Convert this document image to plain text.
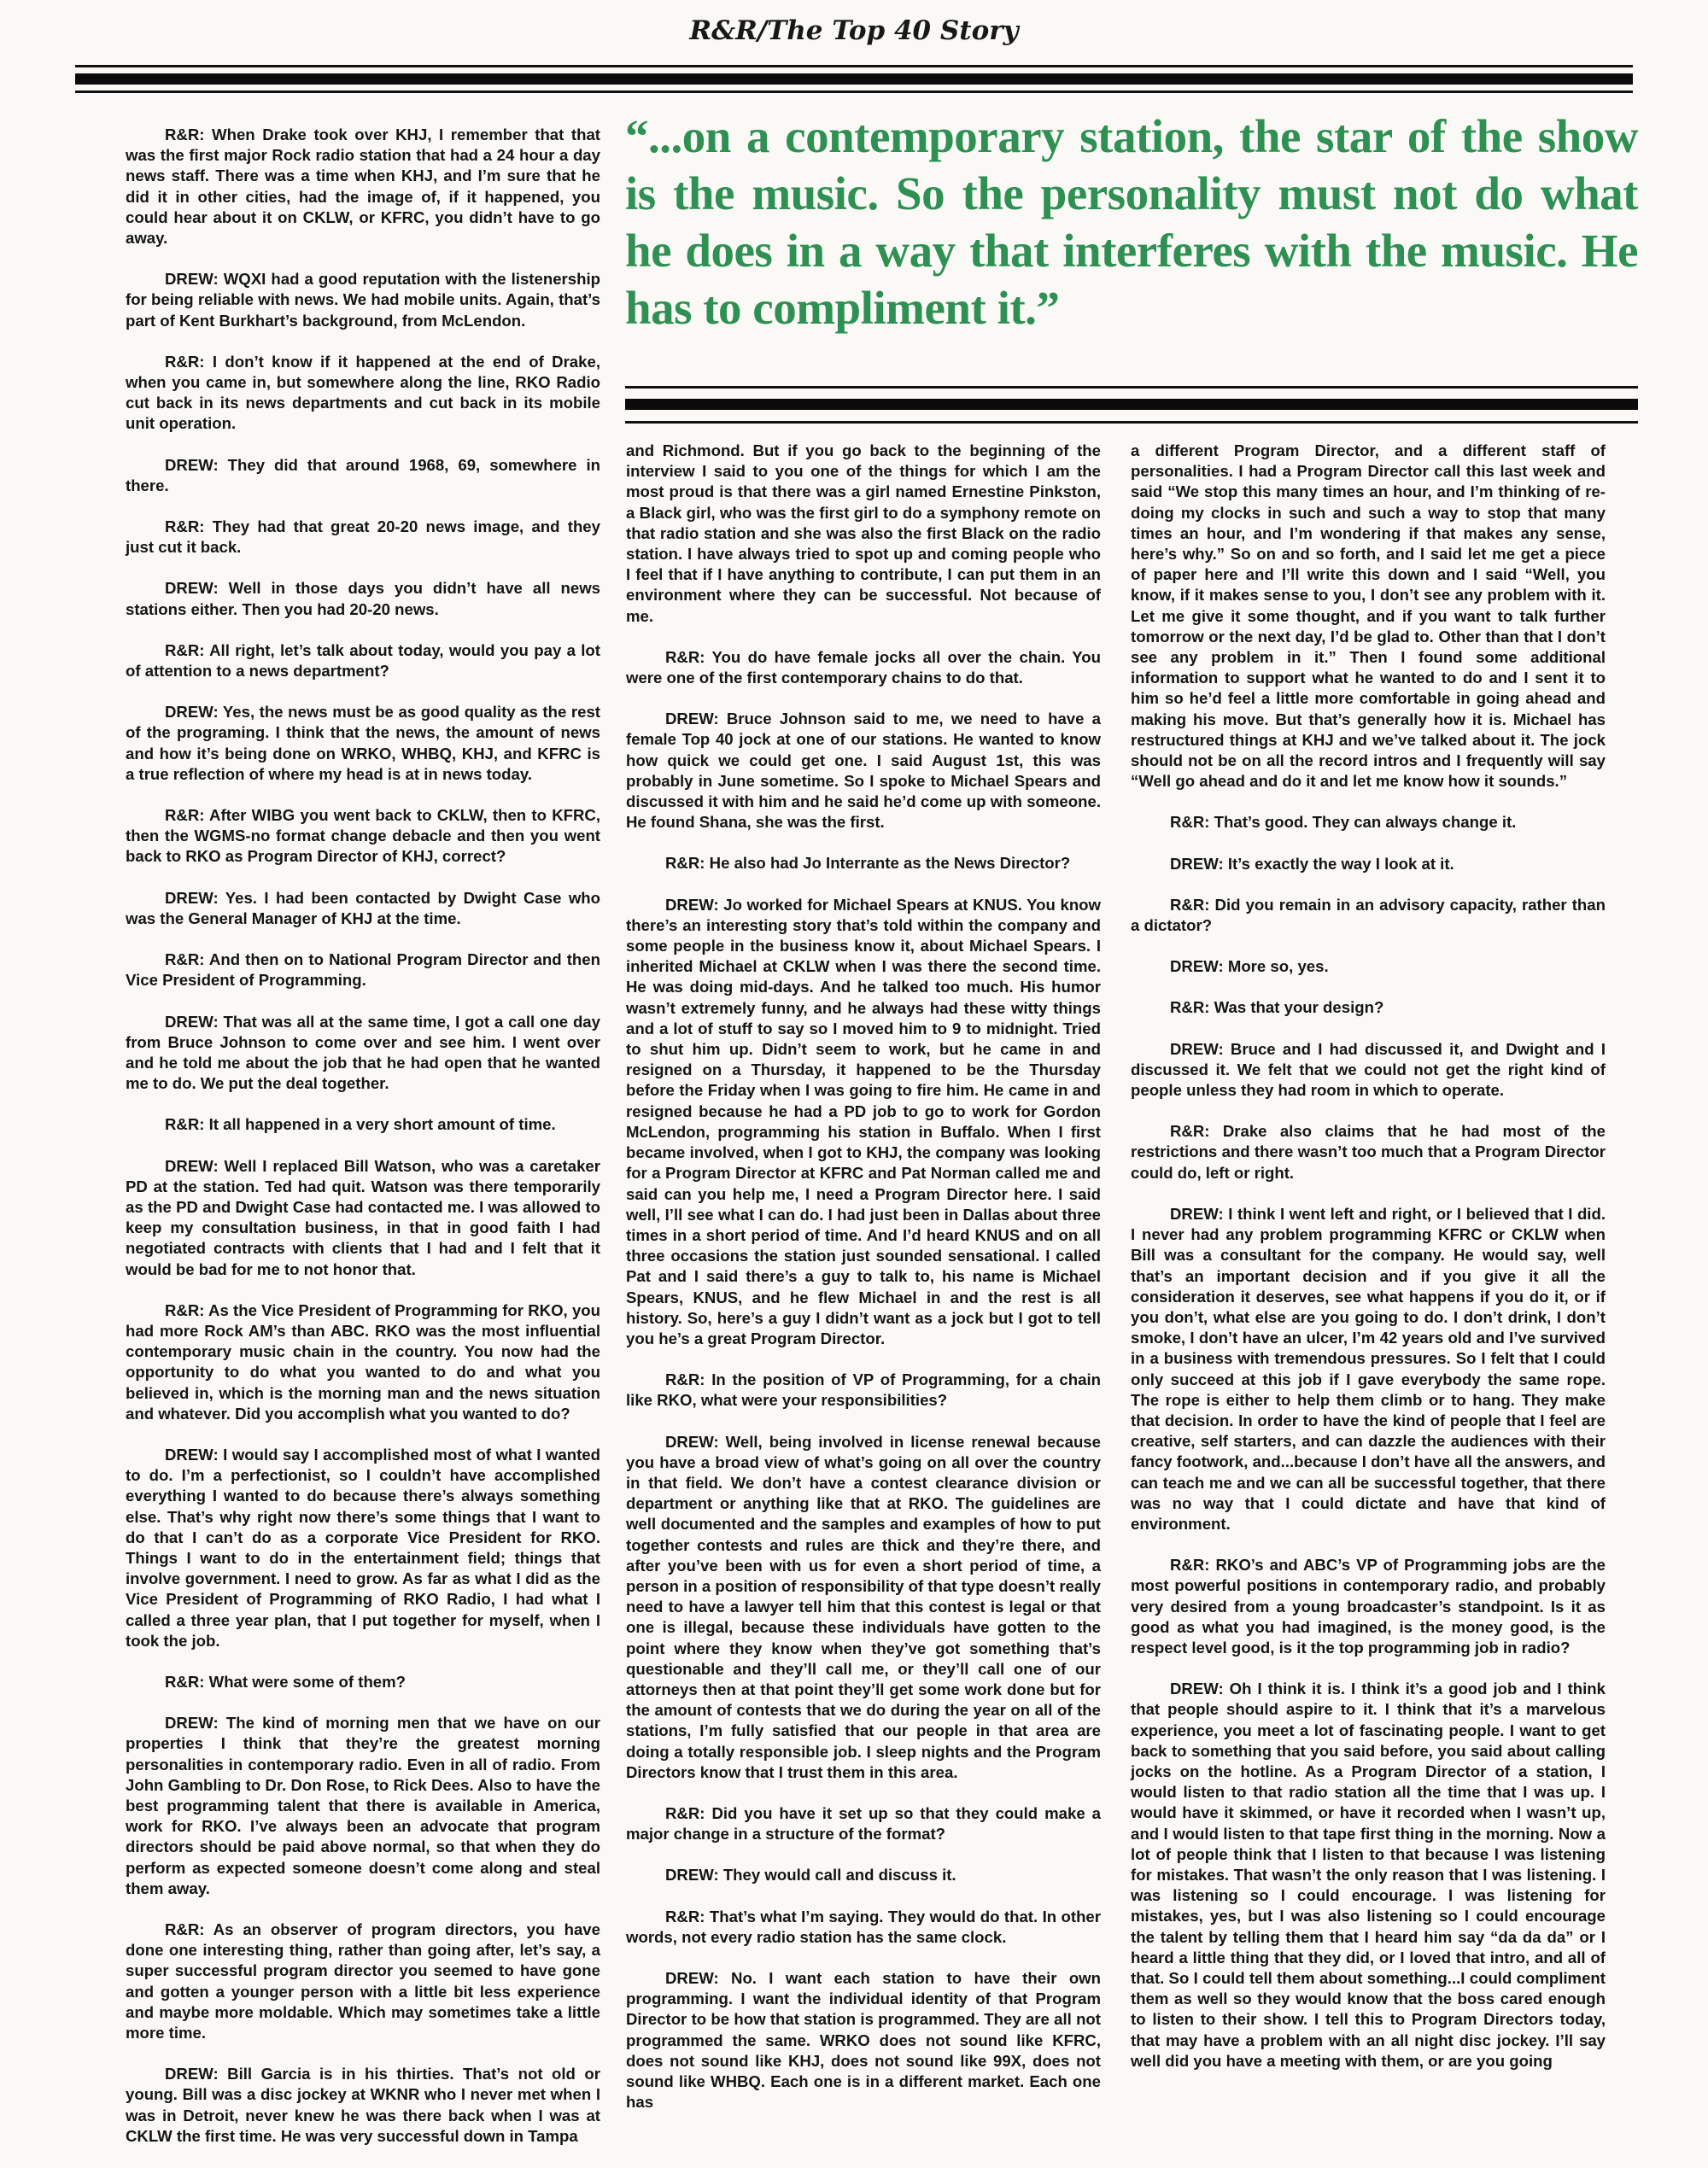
R&R/The Top 40 Story
“...on a contemporary station, the star of the show is the music. So the personality must not do what he does in a way that interferes with the music. He has to compliment it.”

R&R: When Drake took over KHJ, I remember that that was the first major Rock radio station that had a 24 hour a day news staff. There was a time when KHJ, and I’m sure that he did it in other cities, had the image of, if it happened, you could hear about it on CKLW, or KFRC, you didn’t have to go away.

DREW: WQXI had a good reputation with the listenership for being reliable with news. We had mobile units. Again, that’s part of Kent Burkhart’s background, from McLendon.

R&R: I don’t know if it happened at the end of Drake, when you came in, but somewhere along the line, RKO Radio cut back in its news departments and cut back in its mobile unit operation.

DREW: They did that around 1968, 69, somewhere in there.

R&R: They had that great 20-20 news image, and they just cut it back.

DREW: Well in those days you didn’t have all news stations either. Then you had 20-20 news.

R&R: All right, let’s talk about today, would you pay a lot of attention to a news department?

DREW: Yes, the news must be as good quality as the rest of the programing. I think that the news, the amount of news and how it’s being done on WRKO, WHBQ, KHJ, and KFRC is a true reflection of where my head is at in news today.

R&R: After WIBG you went back to CKLW, then to KFRC, then the WGMS-no format change debacle and then you went back to RKO as Program Director of KHJ, correct?

DREW: Yes. I had been contacted by Dwight Case who was the General Manager of KHJ at the time.

R&R: And then on to National Program Director and then Vice President of Programming.

DREW: That was all at the same time, I got a call one day from Bruce Johnson to come over and see him. I went over and he told me about the job that he had open that he wanted me to do. We put the deal together.

R&R: It all happened in a very short amount of time.

DREW: Well I replaced Bill Watson, who was a caretaker PD at the station. Ted had quit. Watson was there temporarily as the PD and Dwight Case had contacted me. I was allowed to keep my consultation business, in that in good faith I had negotiated contracts with clients that I had and I felt that it would be bad for me to not honor that.

R&R: As the Vice President of Programming for RKO, you had more Rock AM’s than ABC. RKO was the most influential contemporary music chain in the country. You now had the opportunity to do what you wanted to do and what you believed in, which is the morning man and the news situation and whatever. Did you accomplish what you wanted to do?

DREW: I would say I accomplished most of what I wanted to do. I’m a perfectionist, so I couldn’t have accomplished everything I wanted to do because there’s always something else. That’s why right now there’s some things that I want to do that I can’t do as a corporate Vice President for RKO. Things I want to do in the entertainment field; things that involve government. I need to grow. As far as what I did as the Vice President of Programming of RKO Radio, I had what I called a three year plan, that I put together for myself, when I took the job.

R&R: What were some of them?

DREW: The kind of morning men that we have on our properties I think that they’re the greatest morning personalities in contemporary radio. Even in all of radio. From John Gambling to Dr. Don Rose, to Rick Dees. Also to have the best programming talent that there is available in America, work for RKO. I’ve always been an advocate that program directors should be paid above normal, so that when they do perform as expected someone doesn’t come along and steal them away.

R&R: As an observer of program directors, you have done one interesting thing, rather than going after, let’s say, a super successful program director you seemed to have gone and gotten a younger person with a little bit less experience and maybe more moldable. Which may sometimes take a little more time.

DREW: Bill Garcia is in his thirties. That’s not old or young. Bill was a disc jockey at WKNR who I never met when I was in Detroit, never knew he was there back when I was at CKLW the first time. He was very successful down in Tampa

and Richmond. But if you go back to the beginning of the interview I said to you one of the things for which I am the most proud is that there was a girl named Ernestine Pinkston, a Black girl, who was the first girl to do a symphony remote on that radio station and she was also the first Black on the radio station. I have always tried to spot up and coming people who I feel that if I have anything to contribute, I can put them in an environment where they can be successful. Not because of me.

R&R: You do have female jocks all over the chain. You were one of the first contemporary chains to do that.

DREW: Bruce Johnson said to me, we need to have a female Top 40 jock at one of our stations. He wanted to know how quick we could get one. I said August 1st, this was probably in June sometime. So I spoke to Michael Spears and discussed it with him and he said he’d come up with someone. He found Shana, she was the first.

R&R: He also had Jo Interrante as the News Director?

DREW: Jo worked for Michael Spears at KNUS. You know there’s an interesting story that’s told within the company and some people in the business know it, about Michael Spears. I inherited Michael at CKLW when I was there the second time. He was doing mid-days. And he talked too much. His humor wasn’t extremely funny, and he always had these witty things and a lot of stuff to say so I moved him to 9 to midnight. Tried to shut him up. Didn’t seem to work, but he came in and resigned on a Thursday, it happened to be the Thursday before the Friday when I was going to fire him. He came in and resigned because he had a PD job to go to work for Gordon McLendon, programming his station in Buffalo. When I first became involved, when I got to KHJ, the company was looking for a Program Director at KFRC and Pat Norman called me and said can you help me, I need a Program Director here. I said well, I’ll see what I can do. I had just been in Dallas about three times in a short period of time. And I’d heard KNUS and on all three occasions the station just sounded sensational. I called Pat and I said there’s a guy to talk to, his name is Michael Spears, KNUS, and he flew Michael in and the rest is all history. So, here’s a guy I didn’t want as a jock but I got to tell you he’s a great Program Director.

R&R: In the position of VP of Programming, for a chain like RKO, what were your responsibilities?

DREW: Well, being involved in license renewal because you have a broad view of what’s going on all over the country in that field. We don’t have a contest clearance division or department or anything like that at RKO. The guidelines are well documented and the samples and examples of how to put together contests and rules are thick and they’re there, and after you’ve been with us for even a short period of time, a person in a position of responsibility of that type doesn’t really need to have a lawyer tell him that this contest is legal or that one is illegal, because these individuals have gotten to the point where they know when they’ve got something that’s questionable and they’ll call me, or they’ll call one of our attorneys then at that point they’ll get some work done but for the amount of contests that we do during the year on all of the stations, I’m fully satisfied that our people in that area are doing a totally responsible job. I sleep nights and the Program Directors know that I trust them in this area.

R&R: Did you have it set up so that they could make a major change in a structure of the format?

DREW: They would call and discuss it.

R&R: That’s what I’m saying. They would do that. In other words, not every radio station has the same clock.

DREW: No. I want each station to have their own programming. I want the individual identity of that Program Director to be how that station is programmed. They are all not programmed the same. WRKO does not sound like KFRC, does not sound like KHJ, does not sound like 99X, does not sound like WHBQ. Each one is in a different market. Each one has

a different Program Director, and a different staff of personalities. I had a Program Director call this last week and said “We stop this many times an hour, and I’m thinking of re-doing my clocks in such and such a way to stop that many times an hour, and I’m wondering if that makes any sense, here’s why.” So on and so forth, and I said let me get a piece of paper here and I’ll write this down and I said “Well, you know, if it makes sense to you, I don’t see any problem with it. Let me give it some thought, and if you want to talk further tomorrow or the next day, I’d be glad to. Other than that I don’t see any problem in it.” Then I found some additional information to support what he wanted to do and I sent it to him so he’d feel a little more comfortable in going ahead and making his move. But that’s generally how it is. Michael has restructured things at KHJ and we’ve talked about it. The jock should not be on all the record intros and I frequently will say “Well go ahead and do it and let me know how it sounds.”

R&R: That’s good. They can always change it.

DREW: It’s exactly the way I look at it.

R&R: Did you remain in an advisory capacity, rather than a dictator?

DREW: More so, yes.

R&R: Was that your design?

DREW: Bruce and I had discussed it, and Dwight and I discussed it. We felt that we could not get the right kind of people unless they had room in which to operate.

R&R: Drake also claims that he had most of the restrictions and there wasn’t too much that a Program Director could do, left or right.

DREW: I think I went left and right, or I believed that I did. I never had any problem programming KFRC or CKLW when Bill was a consultant for the company. He would say, well that’s an important decision and if you give it all the consideration it deserves, see what happens if you do it, or if you don’t, what else are you going to do. I don’t drink, I don’t smoke, I don’t have an ulcer, I’m 42 years old and I’ve survived in a business with tremendous pressures. So I felt that I could only succeed at this job if I gave everybody the same rope. The rope is either to help them climb or to hang. They make that decision. In order to have the kind of people that I feel are creative, self starters, and can dazzle the audiences with their fancy footwork, and...because I don’t have all the answers, and can teach me and we can all be successful together, that there was no way that I could dictate and have that kind of environment.

R&R: RKO’s and ABC’s VP of Programming jobs are the most powerful positions in contemporary radio, and probably very desired from a young broadcaster’s standpoint. Is it as good as what you had imagined, is the money good, is the respect level good, is it the top programming job in radio?

DREW: Oh I think it is. I think it’s a good job and I think that people should aspire to it. I think that it’s a marvelous experience, you meet a lot of fascinating people. I want to get back to something that you said before, you said about calling jocks on the hotline. As a Program Director of a station, I would listen to that radio station all the time that I was up. I would have it skimmed, or have it recorded when I wasn’t up, and I would listen to that tape first thing in the morning. Now a lot of people think that I listen to that because I was listening for mistakes. That wasn’t the only reason that I was listening. I was listening so I could encourage. I was listening for mistakes, yes, but I was also listening so I could encourage the talent by telling them that I heard him say “da da da” or I heard a little thing that they did, or I loved that intro, and all of that. So I could tell them about something...I could compliment them as well so they would know that the boss cared enough to listen to their show. I tell this to Program Directors today, that may have a problem with an all night disc jockey. I’ll say well did you have a meeting with them, or are you going
